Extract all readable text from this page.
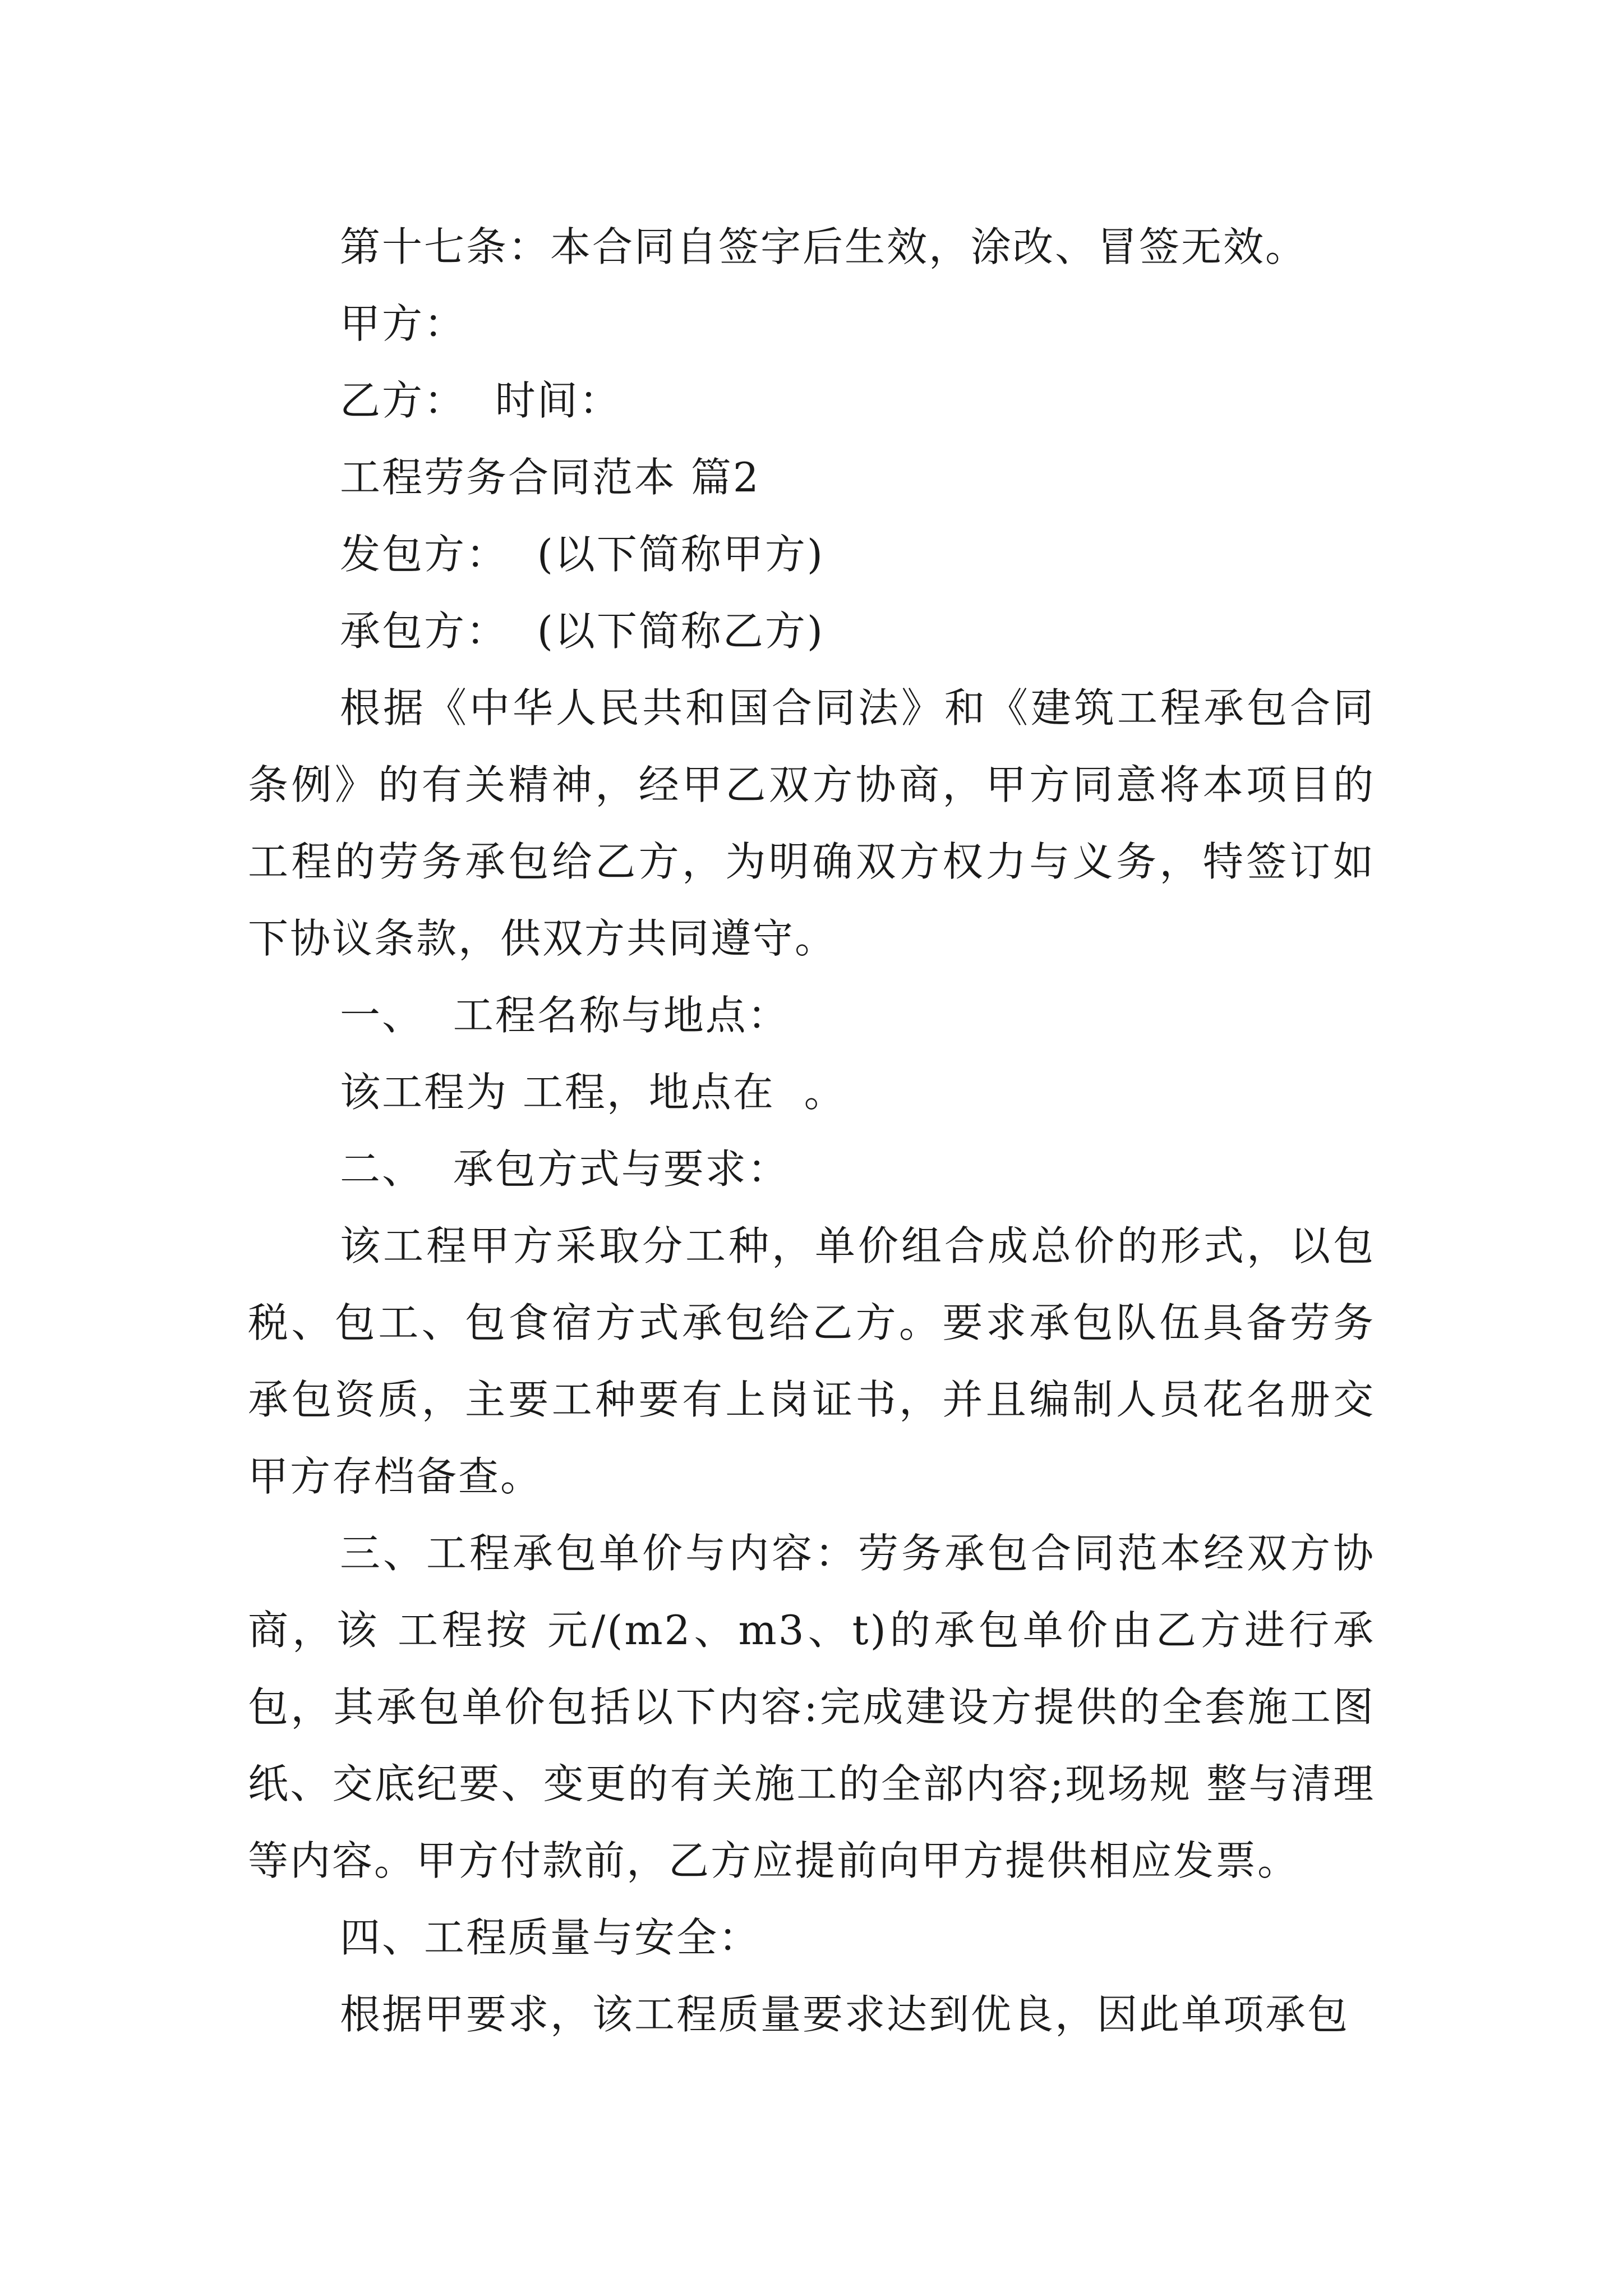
第十七条：本合同自签字后生效，涂改、冒签无效。

甲方：

乙方：  时间：

工程劳务合同范本 篇2

发包方：  (以下简称甲方)

承包方：  (以下简称乙方)

根据《中华人民共和国合同法》和《建筑工程承包合同条例》的有关精神，经甲乙双方协商，甲方同意将本项目的工程的劳务承包给乙方，为明确双方权力与义务，特签订如下协议条款，供双方共同遵守。

一、  工程名称与地点：

该工程为 工程，地点在  。

二、  承包方式与要求：

该工程甲方采取分工种，单价组合成总价的形式，以包税、包工、包食宿方式承包给乙方。要求承包队伍具备劳务承包资质，主要工种要有上岗证书，并且编制人员花名册交甲方存档备查。

三、工程承包单价与内容：劳务承包合同范本经双方协商，该 工程按 元/(m2、m3、t)的承包单价由乙方进行承包，其承包单价包括以下内容:完成建设方提供的全套施工图纸、交底纪要、变更的有关施工的全部内容;现场规 整与清理等内容。甲方付款前，乙方应提前向甲方提供相应发票。

四、工程质量与安全：

根据甲要求，该工程质量要求达到优良，因此单项承包
